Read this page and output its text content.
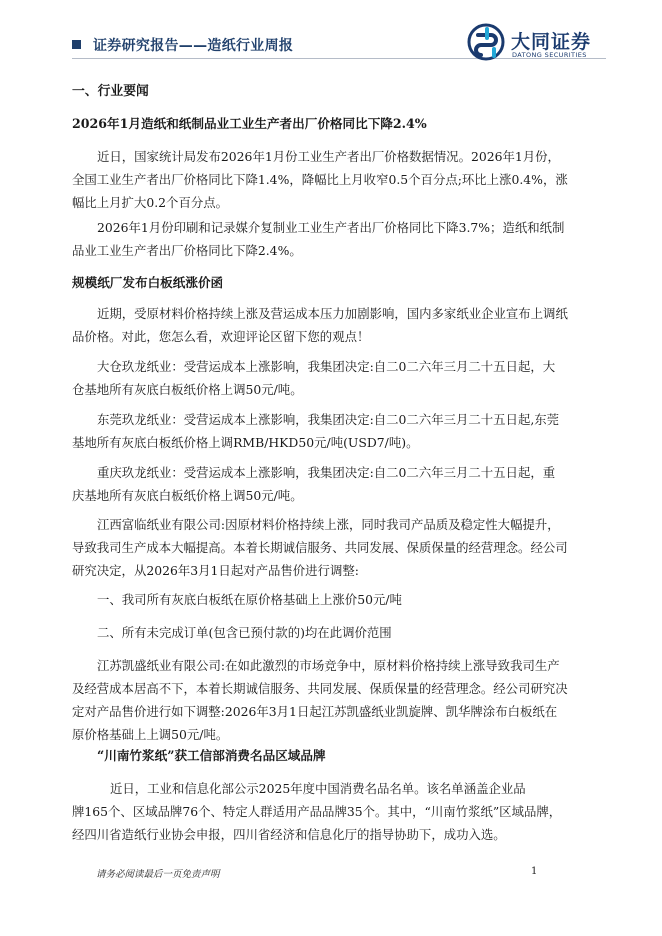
证券研究报告——造纸行业周报	大同证券
DATONG SECURITIES

一、行业要闻

2026年1月造纸和纸制品业工业生产者出厂价格同比下降2.4%

近日，国家统计局发布2026年1月份工业生产者出厂价格数据情况。2026年1月份，
全国工业生产者出厂价格同比下降1.4%，降幅比上月收窄0.5个百分点;环比上涨0.4%，涨
幅比上月扩大0.2个百分点。

2026年1月份印刷和记录媒介复制业工业生产者出厂价格同比下降3.7%；造纸和纸制
品业工业生产者出厂价格同比下降2.4%。

规模纸厂发布白板纸涨价函

近期，受原材料价格持续上涨及营运成本压力加剧影响，国内多家纸业企业宣布上调纸
品价格。对此，您怎么看，欢迎评论区留下您的观点！

大仓玖龙纸业：受营运成本上涨影响，我集团决定:自二0二六年三月二十五日起，大
仓基地所有灰底白板纸价格上调50元/吨。

东莞玖龙纸业：受营运成本上涨影响，我集团决定:自二0二六年三月二十五日起,东莞
基地所有灰底白板纸价格上调RMB/HKD50元/吨(USD7/吨)。

重庆玖龙纸业：受营运成本上涨影响，我集团决定:自二0二六年三月二十五日起，重
庆基地所有灰底白板纸价格上调50元/吨。

江西富临纸业有限公司:因原材料价格持续上涨，同时我司产品质及稳定性大幅提升，
导致我司生产成本大幅提高。本着长期诚信服务、共同发展、保质保量的经营理念。经公司
研究决定，从2026年3月1日起对产品售价进行调整:

一、我司所有灰底白板纸在原价格基础上上涨价50元/吨

二、所有未完成订单(包含已预付款的)均在此调价范围

江苏凯盛纸业有限公司:在如此激烈的市场竞争中，原材料价格持续上涨导致我司生产
及经营成本居高不下，本着长期诚信服务、共同发展、保质保量的经营理念。经公司研究决
定对产品售价进行如下调整:2026年3月1日起江苏凯盛纸业凯旋牌、凯华牌涂布白板纸在
原价格基础上上调50元/吨。

“川南竹浆纸”获工信部消费名品区域品牌

近日，工业和信息化部公示2025年度中国消费名品名单。该名单涵盖企业品
牌165个、区域品牌76个、特定人群适用产品品牌35个。其中，“川南竹浆纸”区域品牌，
经四川省造纸行业协会申报，四川省经济和信息化厅的指导协助下，成功入选。

请务必阅读最后一页免责声明	1
